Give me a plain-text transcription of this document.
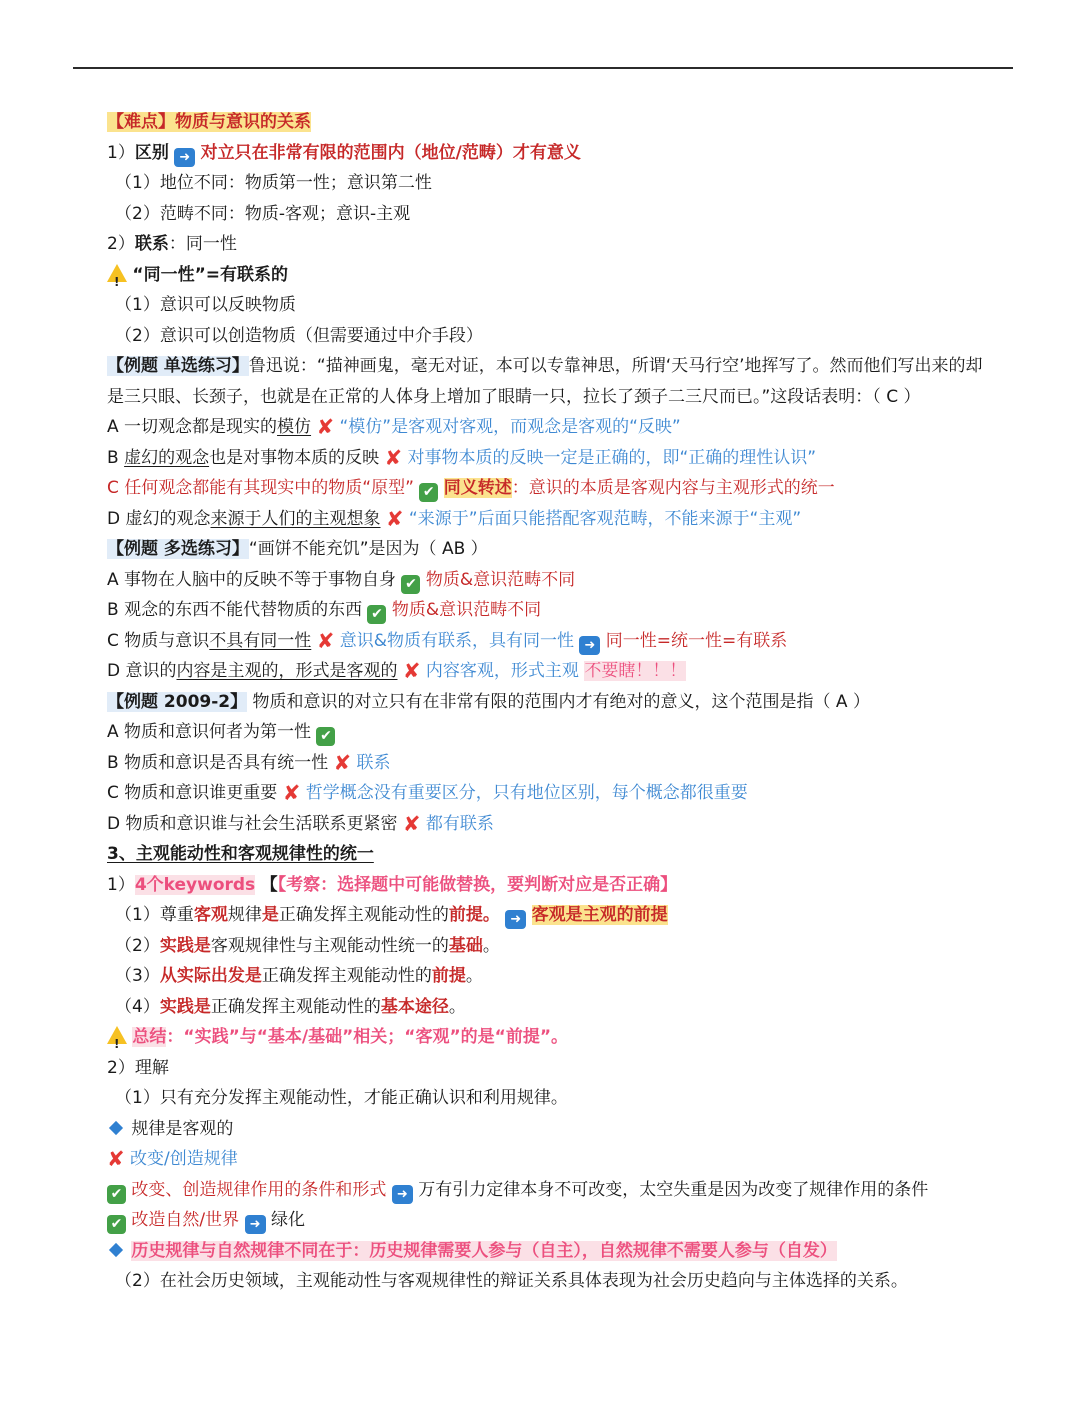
【难点】物质与意识的关系
1）区别 ➜ 对立只在非常有限的范围内（地位/范畴）才有意义
（1）地位不同：物质第一性；意识第二性
（2）范畴不同：物质-客观；意识-主观
2）联系：同一性
! “同一性”=有联系的
（1）意识可以反映物质
（2）意识可以创造物质（但需要通过中介手段）
【例题 单选练习】鲁迅说：“描神画鬼，毫无对证，本可以专靠神思，所谓‘天马行空’地挥写了。然而他们写出来的却是三只眼、长颈子，也就是在正常的人体身上增加了眼睛一只，拉长了颈子二三尺而已。”这段话表明：（ C ）
A 一切观念都是现实的模仿 ✘ “模仿”是客观对客观，而观念是客观的“反映”
B 虚幻的观念也是对事物本质的反映 ✘ 对事物本质的反映一定是正确的，即“正确的理性认识”
C 任何观念都能有其现实中的物质“原型” ✔ 同义转述：意识的本质是客观内容与主观形式的统一
D 虚幻的观念来源于人们的主观想象 ✘ “来源于”后面只能搭配客观范畴，不能来源于“主观”
【例题 多选练习】“画饼不能充饥”是因为（ AB ）
A 事物在人脑中的反映不等于事物自身 ✔ 物质&意识范畴不同
B 观念的东西不能代替物质的东西 ✔ 物质&意识范畴不同
C 物质与意识不具有同一性 ✘ 意识&物质有联系，具有同一性 ➜ 同一性=统一性=有联系
D 意识的内容是主观的，形式是客观的 ✘ 内容客观，形式主观 不要瞎！！！
【例题 2009-2】 物质和意识的对立只有在非常有限的范围内才有绝对的意义，这个范围是指（ A ）
A 物质和意识何者为第一性 ✔
B 物质和意识是否具有统一性 ✘ 联系
C 物质和意识谁更重要 ✘ 哲学概念没有重要区分，只有地位区别，每个概念都很重要
D 物质和意识谁与社会生活联系更紧密 ✘ 都有联系
3、主观能动性和客观规律性的统一
1）4个keywords 【【考察：选择题中可能做替换，要判断对应是否正确】
（1）尊重客观规律是正确发挥主观能动性的前提。 ➜ 客观是主观的前提
（2）实践是客观规律性与主观能动性统一的基础。
（3）从实际出发是正确发挥主观能动性的前提。
（4）实践是正确发挥主观能动性的基本途径。
! 总结：“实践”与“基本/基础”相关；“客观”的是“前提”。
2）理解
（1）只有充分发挥主观能动性，才能正确认识和利用规律。
规律是客观的
✘ 改变/创造规律
✔ 改变、创造规律作用的条件和形式 ➜ 万有引力定律本身不可改变，太空失重是因为改变了规律作用的条件
✔ 改造自然/世界 ➜ 绿化
历史规律与自然规律不同在于：历史规律需要人参与（自主），自然规律不需要人参与（自发）
（2）在社会历史领域，主观能动性与客观规律性的辩证关系具体表现为社会历史趋向与主体选择的关系。
